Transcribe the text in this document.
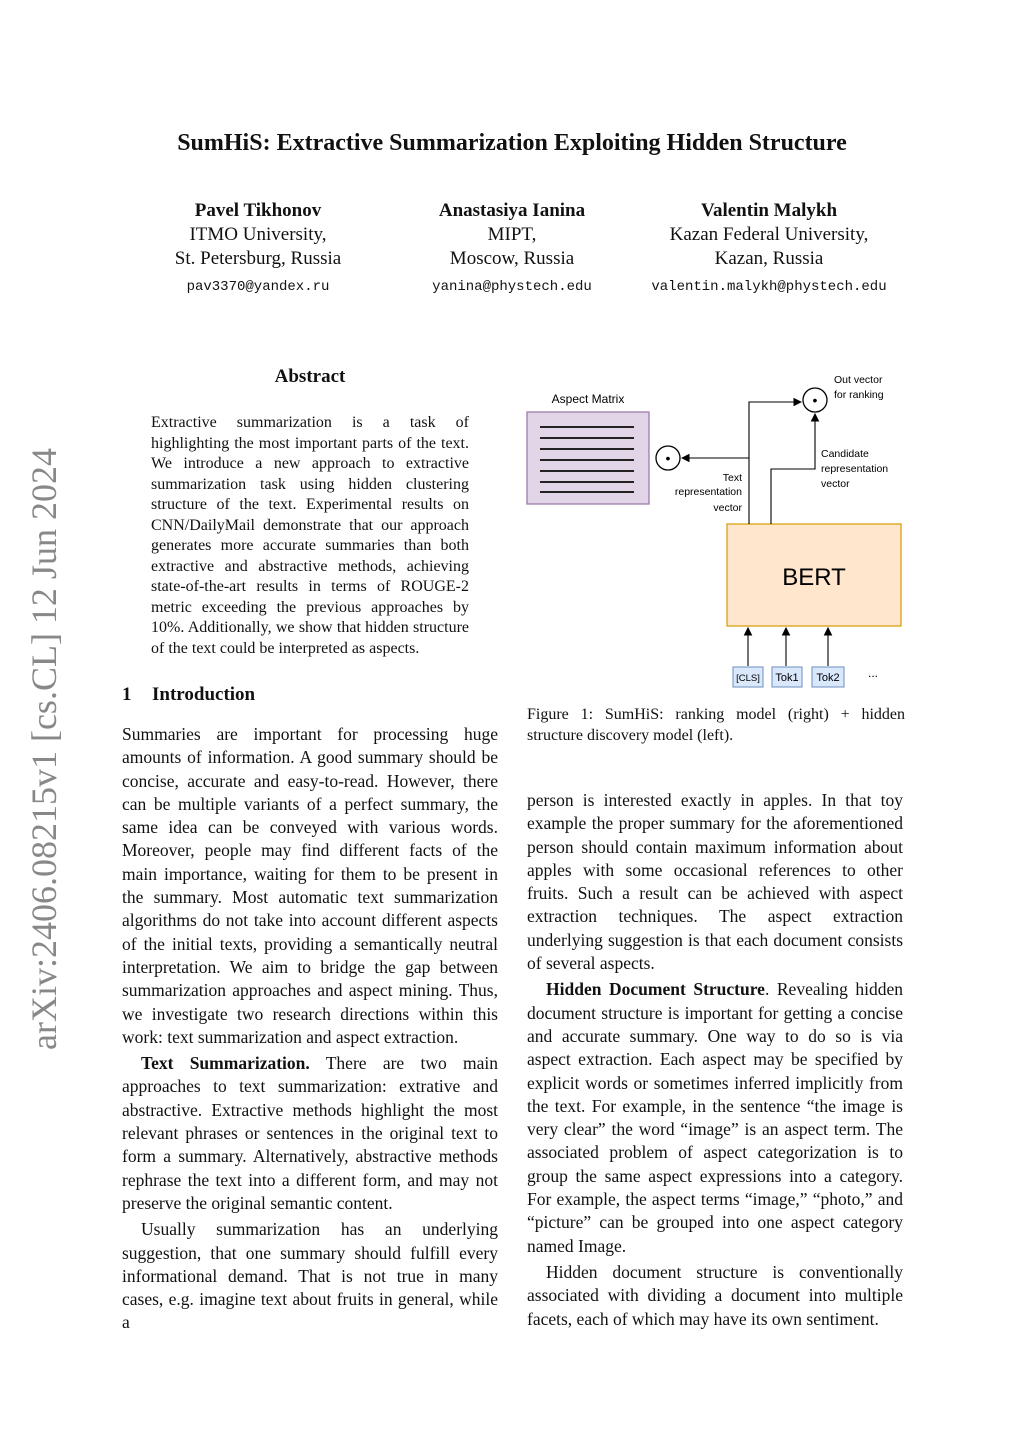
SumHiS: Extractive Summarization Exploiting Hidden Structure
Pavel Tikhonov
ITMO University,
St. Petersburg, Russia
pav3370@yandex.ru
Anastasiya Ianina
MIPT,
Moscow, Russia
yanina@phystech.edu
Valentin Malykh
Kazan Federal University,
Kazan, Russia
valentin.malykh@phystech.edu
arXiv:2406.08215v1 [cs.CL] 12 Jun 2024
Abstract
Extractive summarization is a task of highlighting the most important parts of the text. We introduce a new approach to extractive summarization task using hidden clustering structure of the text. Experimental results on CNN/DailyMail demonstrate that our approach generates more accurate summaries than both extractive and abstractive methods, achieving state-of-the-art results in terms of ROUGE-2 metric exceeding the previous approaches by 10%. Additionally, we show that hidden structure of the text could be interpreted as aspects.
1 Introduction

Summaries are important for processing huge amounts of information. A good summary should be concise, accurate and easy-to-read. However, there can be multiple variants of a perfect summary, the same idea can be conveyed with various words. Moreover, people may find different facts of the main importance, waiting for them to be present in the summary. Most automatic text summarization algorithms do not take into account different aspects of the initial texts, providing a semantically neutral interpretation. We aim to bridge the gap between summarization approaches and aspect mining. Thus, we investigate two research directions within this work: text summarization and aspect extraction.

Text Summarization. There are two main approaches to text summarization: extrative and abstractive. Extractive methods highlight the most relevant phrases or sentences in the original text to form a summary. Alternatively, abstractive methods rephrase the text into a different form, and may not preserve the original semantic content.

Usually summarization has an underlying suggestion, that one summary should fulfill every informational demand. That is not true in many cases, e.g. imagine text about fruits in general, while a

person is interested exactly in apples. In that toy example the proper summary for the aforementioned person should contain maximum information about apples with some occasional references to other fruits. Such a result can be achieved with aspect extraction techniques. The aspect extraction underlying suggestion is that each document consists of several aspects.

Hidden Document Structure. Revealing hidden document structure is important for getting a concise and accurate summary. One way to do so is via aspect extraction. Each aspect may be specified by explicit words or sometimes inferred implicitly from the text. For example, in the sentence “the image is very clear” the word “image” is an aspect term. The associated problem of aspect categorization is to group the same aspect expressions into a category. For example, the aspect terms “image,” “photo,” and “picture” can be grouped into one aspect category named Image.

Hidden document structure is conventionally associated with dividing a document into multiple facets, each of which may have its own sentiment.

Aspect Matrix
•
•
BERT
Out vector
for ranking
Candidate
representation
vector
Text
representation
vector
[CLS] Tok1 Tok2 ...
Figure 1: SumHiS: ranking model (right) + hidden structure discovery model (left).
